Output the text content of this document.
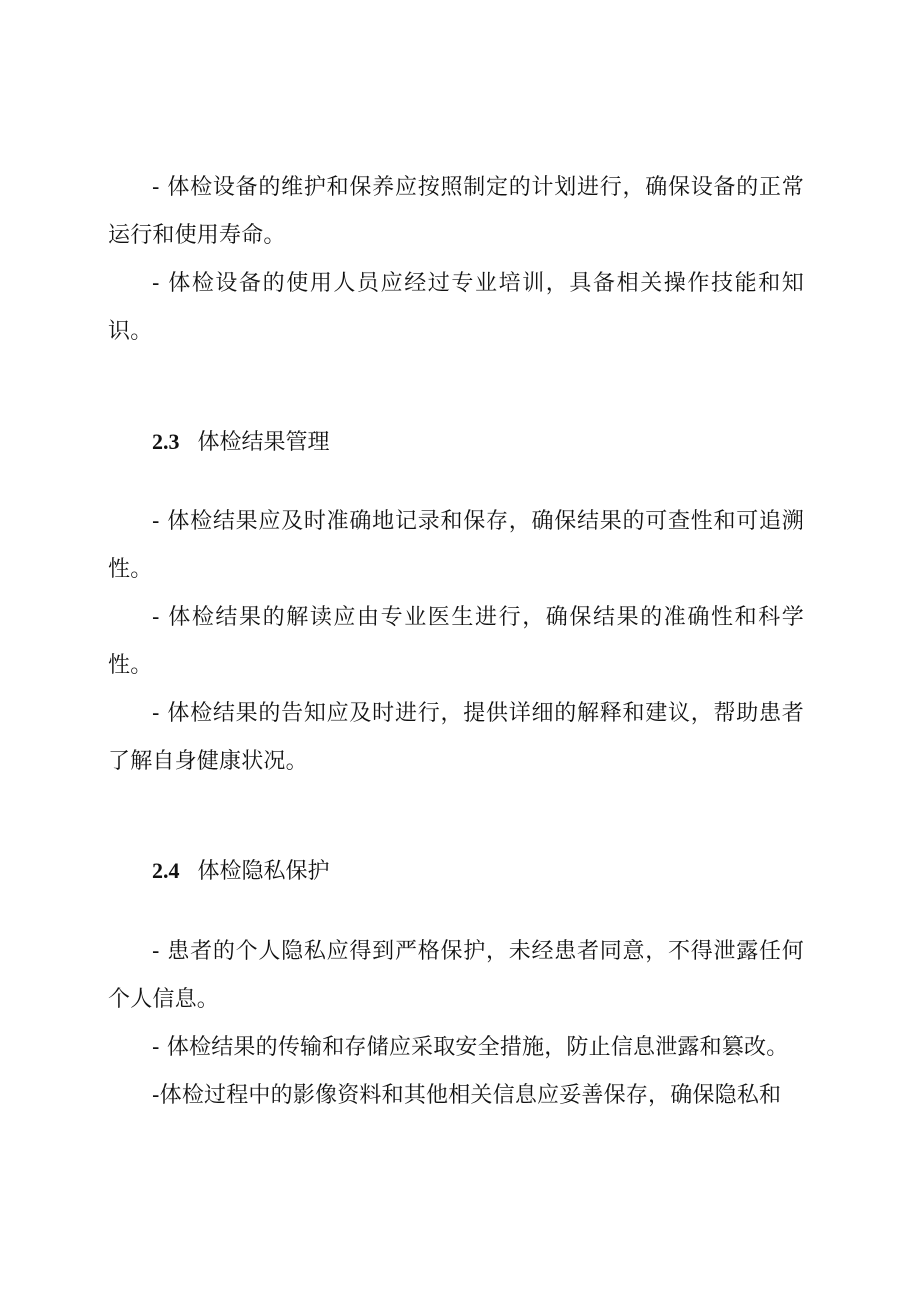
- 体检设备的维护和保养应按照制定的计划进行，确保设备的正常运行和使用寿命。

- 体检设备的使用人员应经过专业培训，具备相关操作技能和知识。

2.3 体检结果管理

- 体检结果应及时准确地记录和保存，确保结果的可查性和可追溯性。

- 体检结果的解读应由专业医生进行，确保结果的准确性和科学性。

- 体检结果的告知应及时进行，提供详细的解释和建议，帮助患者了解自身健康状况。

2.4 体检隐私保护

- 患者的个人隐私应得到严格保护，未经患者同意，不得泄露任何个人信息。

- 体检结果的传输和存储应采取安全措施，防止信息泄露和篡改。

-体检过程中的影像资料和其他相关信息应妥善保存，确保隐私和
